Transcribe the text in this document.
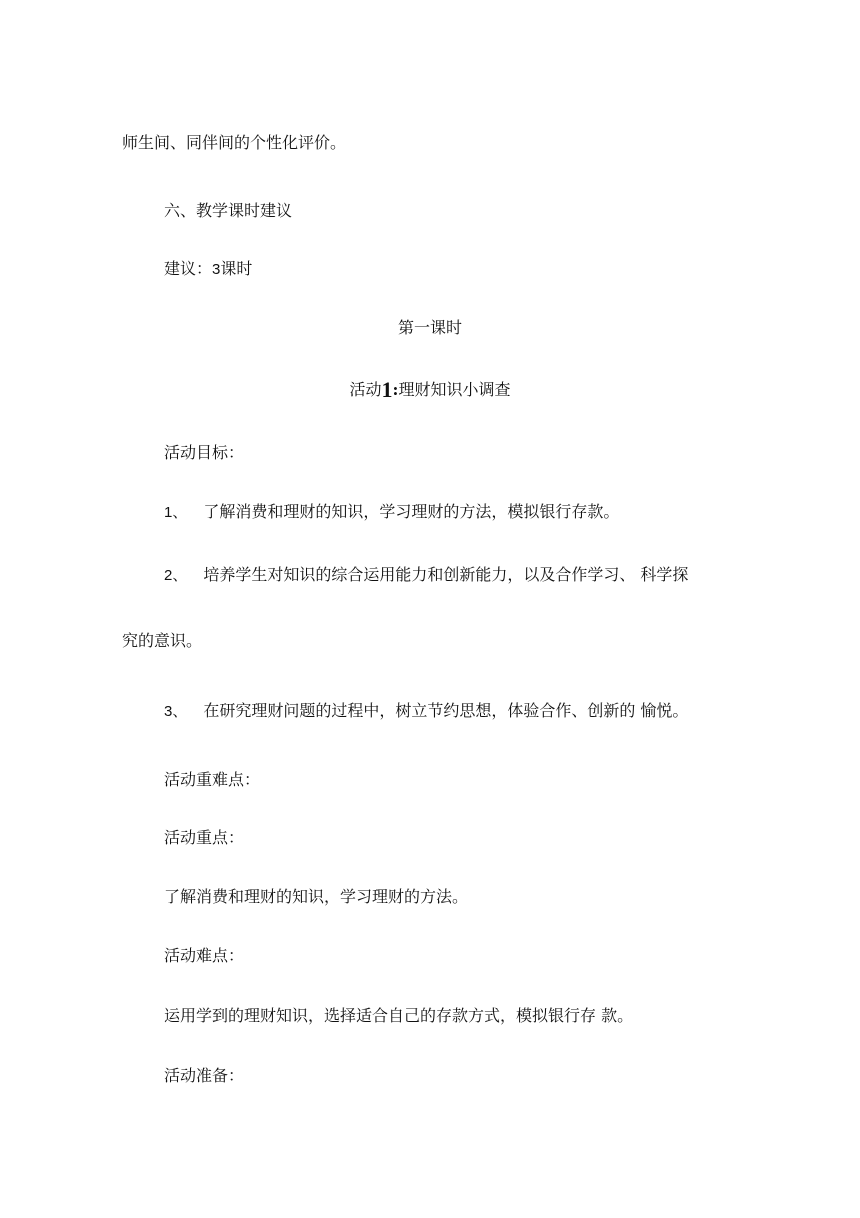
师生间、同伴间的个性化评价。

六、教学课时建议

建议：3课时

第一课时

活动1:理财知识小调查

活动目标：

1、 了解消费和理财的知识，学习理财的方法，模拟银行存款。

2、 培养学生对知识的综合运用能力和创新能力，以及合作学习、 科学探

究的意识。

3、 在研究理财问题的过程中，树立节约思想，体验合作、创新的 愉悦。

活动重难点：

活动重点：

了解消费和理财的知识，学习理财的方法。

活动难点：

运用学到的理财知识，选择适合自己的存款方式，模拟银行存 款。

活动准备：
